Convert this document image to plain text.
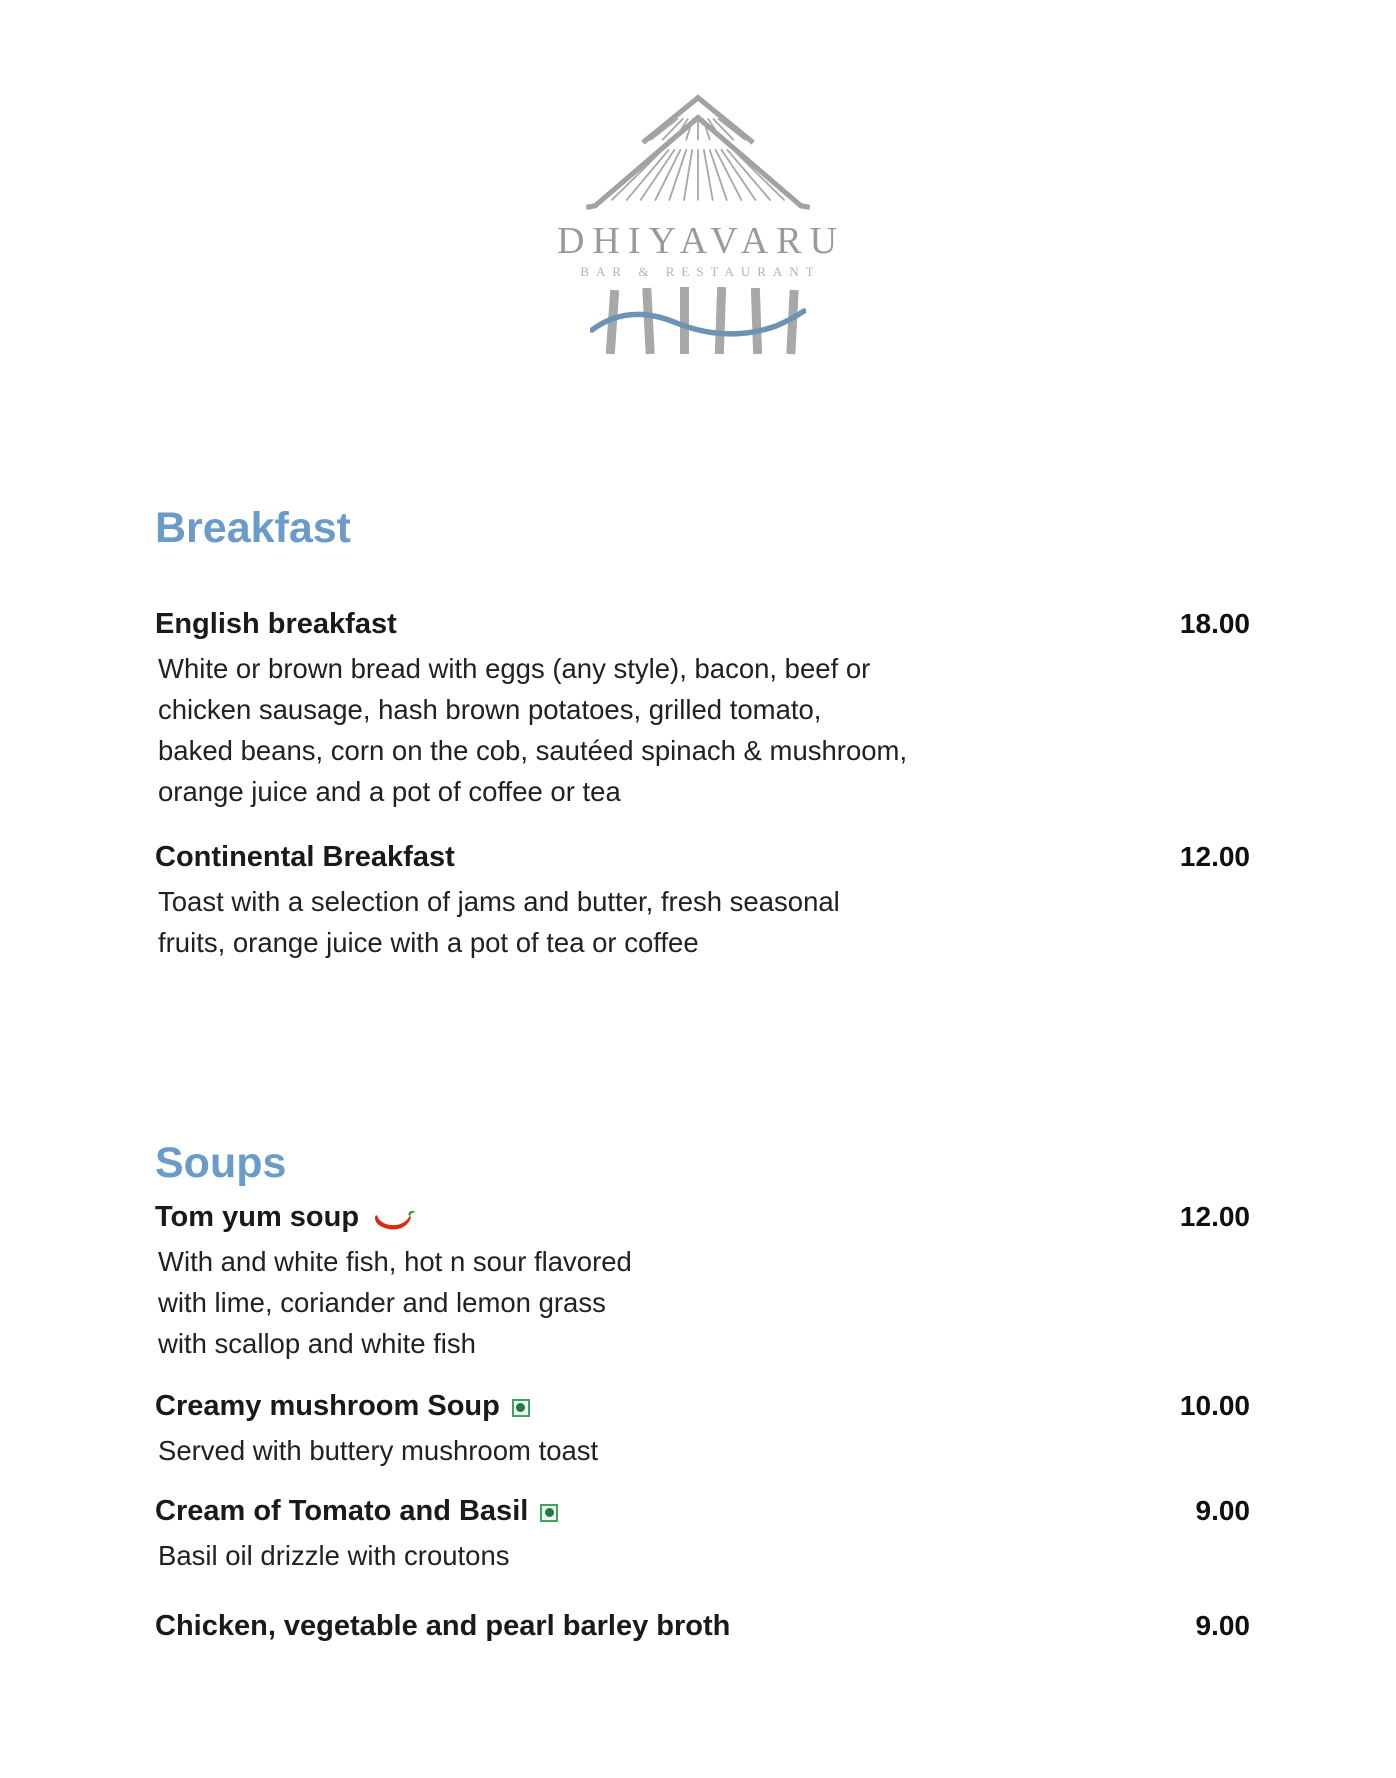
DHIYAVARU
BAR & RESTAURANT
Breakfast
English breakfast	18.00
White or brown bread with eggs (any style), bacon, beef or
chicken sausage, hash brown potatoes, grilled tomato,
baked beans, corn on the cob, sautéed spinach & mushroom,
orange juice and a pot of coffee or tea
Continental Breakfast	12.00
Toast with a selection of jams and butter, fresh seasonal
fruits, orange juice with a pot of tea or coffee
Soups
Tom yum soup	12.00
With and white fish, hot n sour flavored
with lime, coriander and lemon grass
with scallop and white fish
Creamy mushroom Soup	10.00
Served with buttery mushroom toast
Cream of Tomato and Basil	9.00
Basil oil drizzle with croutons
Chicken, vegetable and pearl barley broth	9.00
